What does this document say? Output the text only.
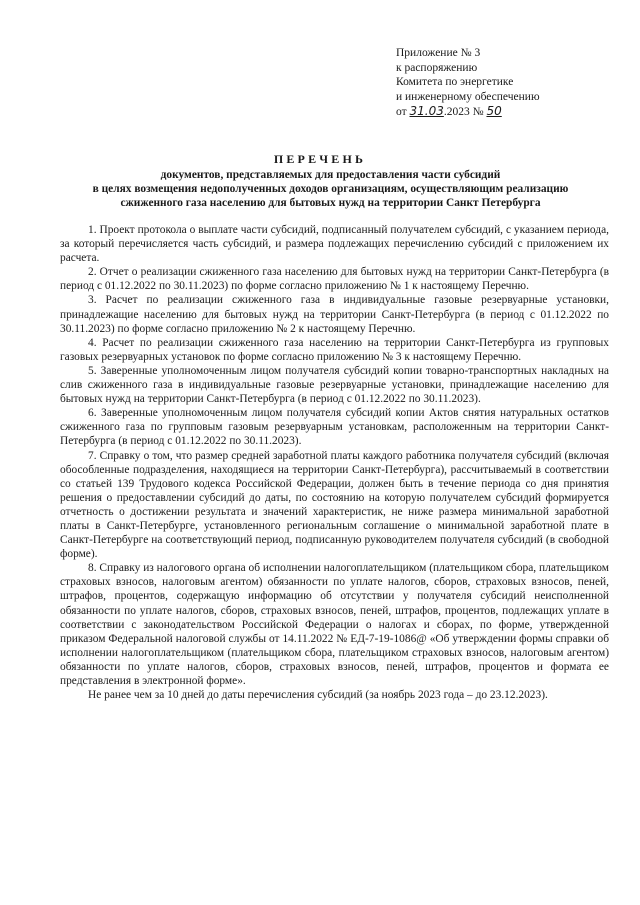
Приложение № 3
к распоряжению
Комитета по энергетике
и инженерному обеспечению
от 31.03.2023 № 50
ПЕРЕЧЕНЬ
документов, представляемых для предоставления части субсидий
в целях возмещения недополученных доходов организациям, осуществляющим реализацию
сжиженного газа населению для бытовых нужд на территории Санкт Петербурга

1. Проект протокола о выплате части субсидий, подписанный получателем субсидий, с указанием периода, за который перечисляется часть субсидий, и размера подлежащих перечислению субсидий с приложением их расчета.

2. Отчет о реализации сжиженного газа населению для бытовых нужд на территории Санкт-Петербурга (в период с 01.12.2022 по 30.11.2023) по форме согласно приложению № 1 к настоящему Перечню.

3. Расчет по реализации сжиженного газа в индивидуальные газовые резервуарные установки, принадлежащие населению для бытовых нужд на территории Санкт-Петербурга (в период с 01.12.2022 по 30.11.2023) по форме согласно приложению № 2 к настоящему Перечню.

4. Расчет по реализации сжиженного газа населению на территории Санкт-Петербурга из групповых газовых резервуарных установок по форме согласно приложению № 3 к настоящему Перечню.

5. Заверенные уполномоченным лицом получателя субсидий копии товарно-транспортных накладных на слив сжиженного газа в индивидуальные газовые резервуарные установки, принадлежащие населению для бытовых нужд на территории Санкт-Петербурга (в период с 01.12.2022 по 30.11.2023).

6. Заверенные уполномоченным лицом получателя субсидий копии Актов снятия натуральных остатков сжиженного газа по групповым газовым резервуарным установкам, расположенным на территории Санкт-Петербурга (в период с 01.12.2022 по 30.11.2023).

7. Справку о том, что размер средней заработной платы каждого работника получателя субсидий (включая обособленные подразделения, находящиеся на территории Санкт-Петербурга), рассчитываемый в соответствии со статьей 139 Трудового кодекса Российской Федерации, должен быть в течение периода со дня принятия решения о предоставлении субсидий до даты, по состоянию на которую получателем субсидий формируется отчетность о достижении результата и значений характеристик, не ниже размера минимальной заработной платы в Санкт-Петербурге, установленного региональным соглашение о минимальной заработной плате в Санкт-Петербурге на соответствующий период, подписанную руководителем получателя субсидий (в свободной форме).

8. Справку из налогового органа об исполнении налогоплательщиком (плательщиком сбора, плательщиком страховых взносов, налоговым агентом) обязанности по уплате налогов, сборов, страховых взносов, пеней, штрафов, процентов, содержащую информацию об отсутствии у получателя субсидий неисполненной обязанности по уплате налогов, сборов, страховых взносов, пеней, штрафов, процентов, подлежащих уплате в соответствии с законодательством Российской Федерации о налогах и сборах, по форме, утвержденной приказом Федеральной налоговой службы от 14.11.2022 № ЕД-7-19-1086@ «Об утверждении формы справки об исполнении налогоплательщиком (плательщиком сбора, плательщиком страховых взносов, налоговым агентом) обязанности по уплате налогов, сборов, страховых взносов, пеней, штрафов, процентов и формата ее представления в электронной форме».

Не ранее чем за 10 дней до даты перечисления субсидий (за ноябрь 2023 года – до 23.12.2023).
